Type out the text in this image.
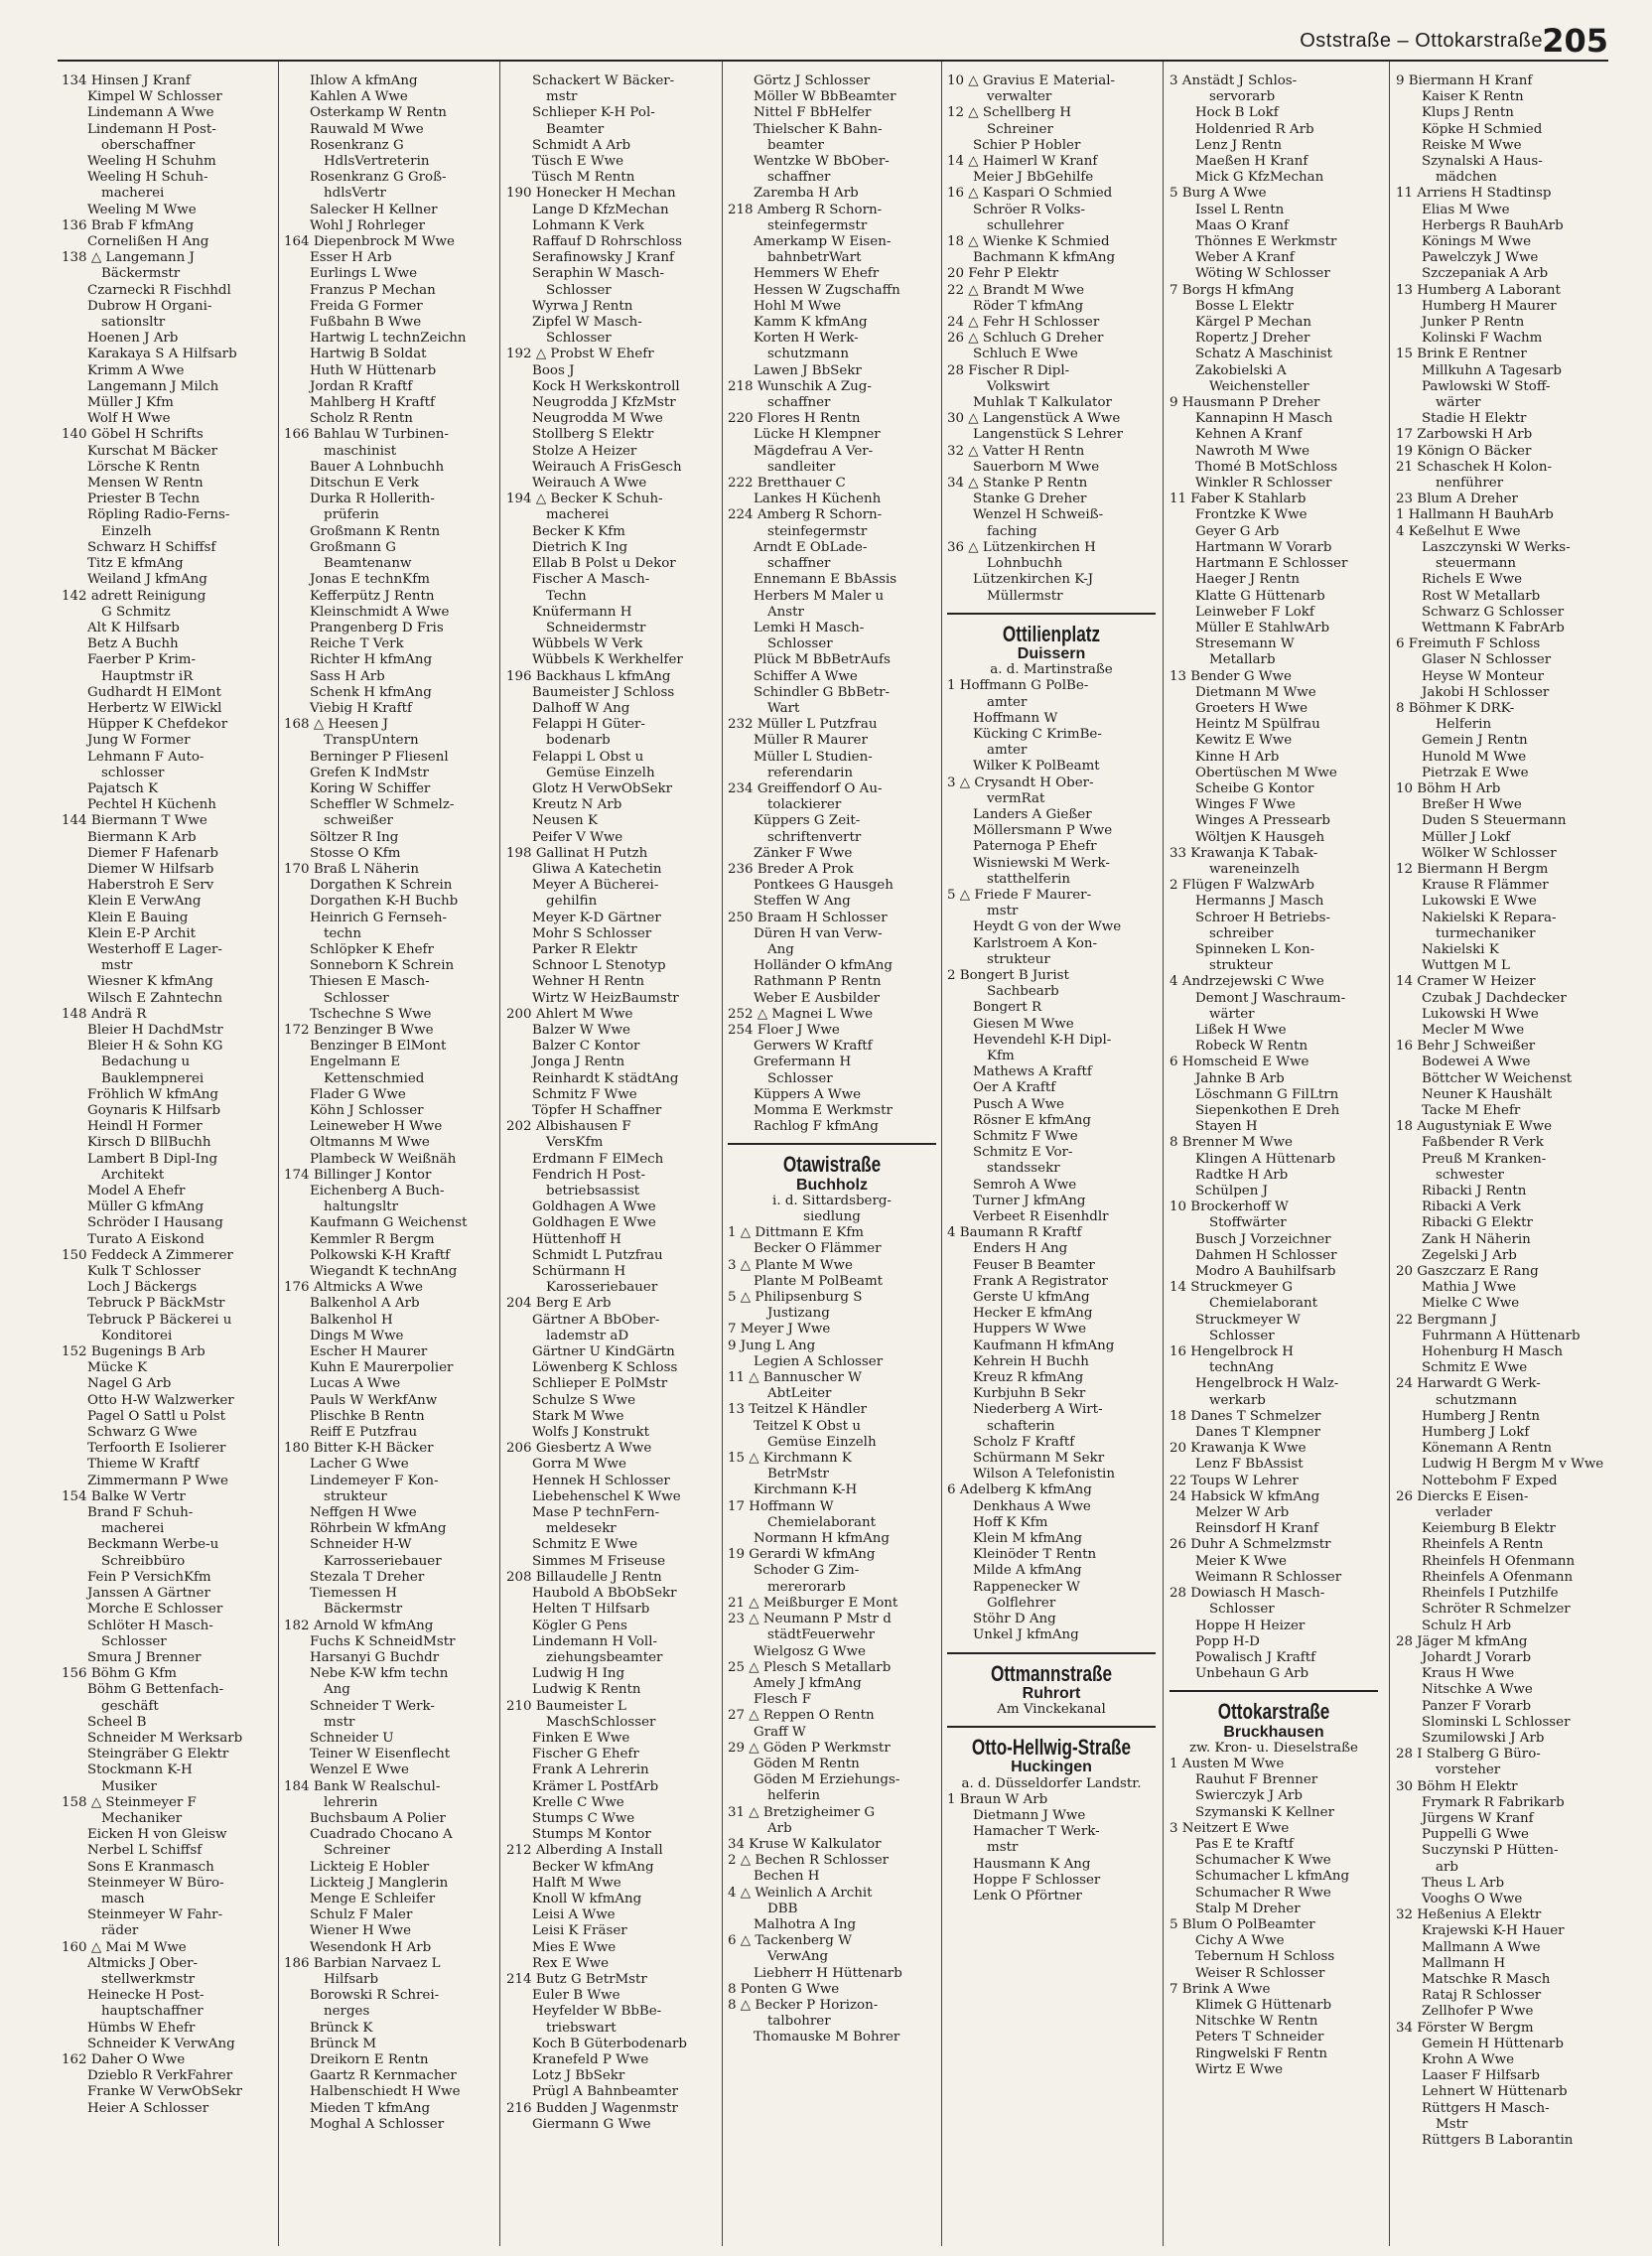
Oststraße – Ottokarstraße 205
134 Hinsen J Kranf
Kimpel W Schlosser
Lindemann A Wwe
Lindemann H Post-
oberschaffner
Weeling H Schuhm
Weeling H Schuh-
macherei
Weeling M Wwe
136 Brab F kfmAng
Cornelißen H Ang
138 △ Langemann J
Bäckermstr
Czarnecki R Fischhdl
Dubrow H Organi-
sationsltr
Hoenen J Arb
Karakaya S A Hilfsarb
Krimm A Wwe
Langemann J Milch
Müller J Kfm
Wolf H Wwe
140 Göbel H Schrifts
Kurschat M Bäcker
Lörsche K Rentn
Mensen W Rentn
Priester B Techn
Röpling Radio-Ferns-
Einzelh
Schwarz H Schiffsf
Titz E kfmAng
Weiland J kfmAng
142 adrett Reinigung
G Schmitz
Alt K Hilfsarb
Betz A Buchh
Faerber P Krim-
Hauptmstr iR
Gudhardt H ElMont
Herbertz W ElWickl
Hüpper K Chefdekor
Jung W Former
Lehmann F Auto-
schlosser
Pajatsch K
Pechtel H Küchenh
144 Biermann T Wwe
Biermann K Arb
Diemer F Hafenarb
Diemer W Hilfsarb
Haberstroh E Serv
Klein E VerwAng
Klein E Bauing
Klein E-P Archit
Westerhoff E Lager-
mstr
Wiesner K kfmAng
Wilsch E Zahntechn
148 Andrä R
Bleier H DachdMstr
Bleier H & Sohn KG
Bedachung u
Bauklempnerei
Fröhlich W kfmAng
Goynaris K Hilfsarb
Heindl H Former
Kirsch D BllBuchh
Lambert B Dipl-Ing
Architekt
Model A Ehefr
Müller G kfmAng
Schröder I Hausang
Turato A Eiskond
150 Feddeck A Zimmerer
Kulk T Schlosser
Loch J Bäckergs
Tebruck P BäckMstr
Tebruck P Bäckerei u
Konditorei
152 Bugenings B Arb
Mücke K
Nagel G Arb
Otto H-W Walzwerker
Pagel O Sattl u Polst
Schwarz G Wwe
Terfoorth E Isolierer
Thieme W Kraftf
Zimmermann P Wwe
154 Balke W Vertr
Brand F Schuh-
macherei
Beckmann Werbe-u
Schreibbüro
Fein P VersichKfm
Janssen A Gärtner
Morche E Schlosser
Schlöter H Masch-
Schlosser
Smura J Brenner
156 Böhm G Kfm
Böhm G Bettenfach-
geschäft
Scheel B
Schneider M Werksarb
Steingräber G Elektr
Stockmann K-H
Musiker
158 △ Steinmeyer F
Mechaniker
Eicken H von Gleisw
Nerbel L Schiffsf
Sons E Kranmasch
Steinmeyer W Büro-
masch
Steinmeyer W Fahr-
räder
160 △ Mai M Wwe
Altmicks J Ober-
stellwerkmstr
Heinecke H Post-
hauptschaffner
Hümbs W Ehefr
Schneider K VerwAng
162 Daher O Wwe
Dzieblo R VerkFahrer
Franke W VerwObSekr
Heier A Schlosser
Ihlow A kfmAng
Kahlen A Wwe
Osterkamp W Rentn
Rauwald M Wwe
Rosenkranz G
HdlsVertreterin
Rosenkranz G Groß-
hdlsVertr
Salecker H Kellner
Wohl J Rohrleger
164 Diepenbrock M Wwe
Esser H Arb
Eurlings L Wwe
Franzus P Mechan
Freida G Former
Fußbahn B Wwe
Hartwig L technZeichn
Hartwig B Soldat
Huth W Hüttenarb
Jordan R Kraftf
Mahlberg H Kraftf
Scholz R Rentn
166 Bahlau W Turbinen-
maschinist
Bauer A Lohnbuchh
Ditschun E Verk
Durka R Hollerith-
prüferin
Großmann K Rentn
Großmann G
Beamtenanw
Jonas E technKfm
Kefferpütz J Rentn
Kleinschmidt A Wwe
Prangenberg D Fris
Reiche T Verk
Richter H kfmAng
Sass H Arb
Schenk H kfmAng
Viebig H Kraftf
168 △ Heesen J
TranspUntern
Berninger P Fliesenl
Grefen K IndMstr
Koring W Schiffer
Scheffler W Schmelz-
schweißer
Söltzer R Ing
Stosse O Kfm
170 Braß L Näherin
Dorgathen K Schrein
Dorgathen K-H Buchb
Heinrich G Fernseh-
techn
Schlöpker K Ehefr
Sonneborn K Schrein
Thiesen E Masch-
Schlosser
Tschechne S Wwe
172 Benzinger B Wwe
Benzinger B ElMont
Engelmann E
Kettenschmied
Flader G Wwe
Köhn J Schlosser
Leineweber H Wwe
Oltmanns M Wwe
Plambeck W Weißnäh
174 Billinger J Kontor
Eichenberg A Buch-
haltungsltr
Kaufmann G Weichenst
Kemmler R Bergm
Polkowski K-H Kraftf
Wiegandt K technAng
176 Altmicks A Wwe
Balkenhol A Arb
Balkenhol H
Dings M Wwe
Escher H Maurer
Kuhn E Maurerpolier
Lucas A Wwe
Pauls W WerkfAnw
Plischke B Rentn
Reiff E Putzfrau
180 Bitter K-H Bäcker
Lacher G Wwe
Lindemeyer F Kon-
strukteur
Neffgen H Wwe
Röhrbein W kfmAng
Schneider H-W
Karrosseriebauer
Stezala T Dreher
Tiemessen H
Bäckermstr
182 Arnold W kfmAng
Fuchs K SchneidMstr
Harsanyi G Buchdr
Nebe K-W kfm techn
Ang
Schneider T Werk-
mstr
Schneider U
Teiner W Eisenflecht
Wenzel E Wwe
184 Bank W Realschul-
lehrerin
Buchsbaum A Polier
Cuadrado Chocano A
Schreiner
Lickteig E Hobler
Lickteig J Manglerin
Menge E Schleifer
Schulz F Maler
Wiener H Wwe
Wesendonk H Arb
186 Barbian Narvaez L
Hilfsarb
Borowski R Schrei-
nerges
Brünck K
Brünck M
Dreikorn E Rentn
Gaartz R Kernmacher
Halbenschiedt H Wwe
Mieden T kfmAng
Moghal A Schlosser
Schackert W Bäcker-
mstr
Schlieper K-H Pol-
Beamter
Schmidt A Arb
Tüsch E Wwe
Tüsch M Rentn
190 Honecker H Mechan
Lange D KfzMechan
Lohmann K Verk
Raffauf D Rohrschloss
Serafinowsky J Kranf
Seraphin W Masch-
Schlosser
Wyrwa J Rentn
Zipfel W Masch-
Schlosser
192 △ Probst W Ehefr
Boos J
Kock H Werkskontroll
Neugrodda J KfzMstr
Neugrodda M Wwe
Stollberg S Elektr
Stolze A Heizer
Weirauch A FrisGesch
Weirauch A Wwe
194 △ Becker K Schuh-
macherei
Becker K Kfm
Dietrich K Ing
Ellab B Polst u Dekor
Fischer A Masch-
Techn
Knüfermann H
Schneidermstr
Wübbels W Verk
Wübbels K Werkhelfer
196 Backhaus L kfmAng
Baumeister J Schloss
Dalhoff W Ang
Felappi H Güter-
bodenarb
Felappi L Obst u
Gemüse Einzelh
Glotz H VerwObSekr
Kreutz N Arb
Neusen K
Peifer V Wwe
198 Gallinat H Putzh
Gliwa A Katechetin
Meyer A Bücherei-
gehilfin
Meyer K-D Gärtner
Mohr S Schlosser
Parker R Elektr
Schnoor L Stenotyp
Wehner H Rentn
Wirtz W HeizBaumstr
200 Ahlert M Wwe
Balzer W Wwe
Balzer C Kontor
Jonga J Rentn
Reinhardt K städtAng
Schmitz F Wwe
Töpfer H Schaffner
202 Albishausen F
VersKfm
Erdmann F ElMech
Fendrich H Post-
betriebsassist
Goldhagen A Wwe
Goldhagen E Wwe
Hüttenhoff H
Schmidt L Putzfrau
Schürmann H
Karosseriebauer
204 Berg E Arb
Gärtner A BbOber-
lademstr aD
Gärtner U KindGärtn
Löwenberg K Schloss
Schlieper E PolMstr
Schulze S Wwe
Stark M Wwe
Wolfs J Konstrukt
206 Giesbertz A Wwe
Gorra M Wwe
Hennek H Schlosser
Liebehenschel K Wwe
Mase P technFern-
meldesekr
Schmitz E Wwe
Simmes M Friseuse
208 Billaudelle J Rentn
Haubold A BbObSekr
Helten T Hilfsarb
Kögler G Pens
Lindemann H Voll-
ziehungsbeamter
Ludwig H Ing
Ludwig K Rentn
210 Baumeister L
MaschSchlosser
Finken E Wwe
Fischer G Ehefr
Frank A Lehrerin
Krämer L PostfArb
Krelle C Wwe
Stumps C Wwe
Stumps M Kontor
212 Alberding A Install
Becker W kfmAng
Halft M Wwe
Knoll W kfmAng
Leisi A Wwe
Leisi K Fräser
Mies E Wwe
Rex E Wwe
214 Butz G BetrMstr
Euler B Wwe
Heyfelder W BbBe-
triebswart
Koch B Güterbodenarb
Kranefeld P Wwe
Lotz J BbSekr
Prügl A Bahnbeamter
216 Budden J Wagenmstr
Giermann G Wwe
Görtz J Schlosser
Möller W BbBeamter
Nittel F BbHelfer
Thielscher K Bahn-
beamter
Wentzke W BbOber-
schaffner
Zaremba H Arb
218 Amberg R Schorn-
steinfegermstr
Amerkamp W Eisen-
bahnbetrWart
Hemmers W Ehefr
Hessen W Zugschaffn
Hohl M Wwe
Kamm K kfmAng
Korten H Werk-
schutzmann
Lawen J BbSekr
218 Wunschik A Zug-
schaffner
220 Flores H Rentn
Lücke H Klempner
Mägdefrau A Ver-
sandleiter
222 Bretthauer C
Lankes H Küchenh
224 Amberg R Schorn-
steinfegermstr
Arndt E ObLade-
schaffner
Ennemann E BbAssis
Herbers M Maler u
Anstr
Lemki H Masch-
Schlosser
Plück M BbBetrAufs
Schiffer A Wwe
Schindler G BbBetr-
Wart
232 Müller L Putzfrau
Müller R Maurer
Müller L Studien-
referendarin
234 Greiffendorf O Au-
tolackierer
Küppers G Zeit-
schriftenvertr
Zänker F Wwe
236 Breder A Prok
Pontkees G Hausgeh
Steffen W Ang
250 Braam H Schlosser
Düren H van Verw-
Ang
Holländer O kfmAng
Rathmann P Rentn
Weber E Ausbilder
252 △ Magnei L Wwe
254 Floer J Wwe
Gerwers W Kraftf
Grefermann H
Schlosser
Küppers A Wwe
Momma E Werkmstr
Rachlog F kfmAng
Otawistraße
Buchholz
i. d. Sittardsberg-
siedlung
1 △ Dittmann E Kfm
Becker O Flämmer
3 △ Plante M Wwe
Plante M PolBeamt
5 △ Philipsenburg S
Justizang
7 Meyer J Wwe
9 Jung L Ang
Legien A Schlosser
11 △ Bannuscher W
AbtLeiter
13 Teitzel K Händler
Teitzel K Obst u
Gemüse Einzelh
15 △ Kirchmann K
BetrMstr
Kirchmann K-H
17 Hoffmann W
Chemielaborant
Normann H kfmAng
19 Gerardi W kfmAng
Schoder G Zim-
mererorarb
21 △ Meißburger E Mont
23 △ Neumann P Mstr d
städtFeuerwehr
Wielgosz G Wwe
25 △ Plesch S Metallarb
Amely J kfmAng
Flesch F
27 △ Reppen O Rentn
Graff W
29 △ Göden P Werkmstr
Göden M Rentn
Göden M Erziehungs-
helferin
31 △ Bretzigheimer G
Arb
34 Kruse W Kalkulator
2 △ Bechen R Schlosser
Bechen H
4 △ Weinlich A Archit
DBB
Malhotra A Ing
6 △ Tackenberg W
VerwAng
Liebherr H Hüttenarb
8 Ponten G Wwe
8 △ Becker P Horizon-
talbohrer
Thomauske M Bohrer
10 △ Gravius E Material-
verwalter
12 △ Schellberg H
Schreiner
Schier P Hobler
14 △ Haimerl W Kranf
Meier J BbGehilfe
16 △ Kaspari O Schmied
Schröer R Volks-
schullehrer
18 △ Wienke K Schmied
Bachmann K kfmAng
20 Fehr P Elektr
22 △ Brandt M Wwe
Röder T kfmAng
24 △ Fehr H Schlosser
26 △ Schluch G Dreher
Schluch E Wwe
28 Fischer R Dipl-
Volkswirt
Muhlak T Kalkulator
30 △ Langenstück A Wwe
Langenstück S Lehrer
32 △ Vatter H Rentn
Sauerborn M Wwe
34 △ Stanke P Rentn
Stanke G Dreher
Wenzel H Schweiß-
faching
36 △ Lützenkirchen H
Lohnbuchh
Lützenkirchen K-J
Müllermstr
Ottilienplatz
Duissern
a. d. Martinstraße
1 Hoffmann G PolBe-
amter
Hoffmann W
Kücking C KrimBe-
amter
Wilker K PolBeamt
3 △ Crysandt H Ober-
vermRat
Landers A Gießer
Möllersmann P Wwe
Paternoga P Ehefr
Wisniewski M Werk-
statthelferin
5 △ Friede F Maurer-
mstr
Heydt G von der Wwe
Karlstroem A Kon-
strukteur
2 Bongert B Jurist
Sachbearb
Bongert R
Giesen M Wwe
Hevendehl K-H Dipl-
Kfm
Mathews A Kraftf
Oer A Kraftf
Pusch A Wwe
Rösner E kfmAng
Schmitz F Wwe
Schmitz E Vor-
standssekr
Semroh A Wwe
Turner J kfmAng
Verbeet R Eisenhdlr
4 Baumann R Kraftf
Enders H Ang
Feuser B Beamter
Frank A Registrator
Gerste U kfmAng
Hecker E kfmAng
Huppers W Wwe
Kaufmann H kfmAng
Kehrein H Buchh
Kreuz R kfmAng
Kurbjuhn B Sekr
Niederberg A Wirt-
schafterin
Scholz F Kraftf
Schürmann M Sekr
Wilson A Telefonistin
6 Adelberg K kfmAng
Denkhaus A Wwe
Hoff K Kfm
Klein M kfmAng
Kleinöder T Rentn
Milde A kfmAng
Rappenecker W
Golflehrer
Stöhr D Ang
Unkel J kfmAng
Ottmannstraße
Ruhrort
Am Vinckekanal
Otto-Hellwig-Straße
Huckingen
a. d. Düsseldorfer Landstr.
1 Braun W Arb
Dietmann J Wwe
Hamacher T Werk-
mstr
Hausmann K Ang
Hoppe F Schlosser
Lenk O Pförtner
3 Anstädt J Schlos-
servorarb
Hock B Lokf
Holdenried R Arb
Lenz J Rentn
Maeßen H Kranf
Mick G KfzMechan
5 Burg A Wwe
Issel L Rentn
Maas O Kranf
Thönnes E Werkmstr
Weber A Kranf
Wöting W Schlosser
7 Borgs H kfmAng
Bosse L Elektr
Kärgel P Mechan
Ropertz J Dreher
Schatz A Maschinist
Zakobielski A
Weichensteller
9 Hausmann P Dreher
Kannapinn H Masch
Kehnen A Kranf
Nawroth M Wwe
Thomé B MotSchloss
Winkler R Schlosser
11 Faber K Stahlarb
Frontzke K Wwe
Geyer G Arb
Hartmann W Vorarb
Hartmann E Schlosser
Haeger J Rentn
Klatte G Hüttenarb
Leinweber F Lokf
Müller E StahlwArb
Stresemann W
Metallarb
13 Bender G Wwe
Dietmann M Wwe
Groeters H Wwe
Heintz M Spülfrau
Kewitz E Wwe
Kinne H Arb
Obertüschen M Wwe
Scheibe G Kontor
Winges F Wwe
Winges A Pressearb
Wöltjen K Hausgeh
33 Krawanja K Tabak-
wareneinzelh
2 Flügen F WalzwArb
Hermanns J Masch
Schroer H Betriebs-
schreiber
Spinneken L Kon-
strukteur
4 Andrzejewski C Wwe
Demont J Waschraum-
wärter
Lißek H Wwe
Robeck W Rentn
6 Homscheid E Wwe
Jahnke B Arb
Löschmann G FilLtrn
Siepenkothen E Dreh
Stayen H
8 Brenner M Wwe
Klingen A Hüttenarb
Radtke H Arb
Schülpen J
10 Brockerhoff W
Stoffwärter
Busch J Vorzeichner
Dahmen H Schlosser
Modro A Bauhilfsarb
14 Struckmeyer G
Chemielaborant
Struckmeyer W
Schlosser
16 Hengelbrock H
technAng
Hengelbrock H Walz-
werkarb
18 Danes T Schmelzer
Danes T Klempner
20 Krawanja K Wwe
Lenz F BbAssist
22 Toups W Lehrer
24 Habsick W kfmAng
Melzer W Arb
Reinsdorf H Kranf
26 Duhr A Schmelzmstr
Meier K Wwe
Weimann R Schlosser
28 Dowiasch H Masch-
Schlosser
Hoppe H Heizer
Popp H-D
Powalisch J Kraftf
Unbehaun G Arb
Ottokarstraße
Bruckhausen
zw. Kron- u. Dieselstraße
1 Austen M Wwe
Rauhut F Brenner
Swierczyk J Arb
Szymanski K Kellner
3 Neitzert E Wwe
Pas E te Kraftf
Schumacher K Wwe
Schumacher L kfmAng
Schumacher R Wwe
Stalp M Dreher
5 Blum O PolBeamter
Cichy A Wwe
Tebernum H Schloss
Weiser R Schlosser
7 Brink A Wwe
Klimek G Hüttenarb
Nitschke W Rentn
Peters T Schneider
Ringwelski F Rentn
Wirtz E Wwe
9 Biermann H Kranf
Kaiser K Rentn
Klups J Rentn
Köpke H Schmied
Reiske M Wwe
Szynalski A Haus-
mädchen
11 Arriens H Stadtinsp
Elias M Wwe
Herbergs R BauhArb
Könings M Wwe
Pawelczyk J Wwe
Szczepaniak A Arb
13 Humberg A Laborant
Humberg H Maurer
Junker P Rentn
Kolinski F Wachm
15 Brink E Rentner
Millkuhn A Tagesarb
Pawlowski W Stoff-
wärter
Stadie H Elektr
17 Zarbowski H Arb
19 Könign O Bäcker
21 Schaschek H Kolon-
nenführer
23 Blum A Dreher
1 Hallmann H BauhArb
4 Keßelhut E Wwe
Laszczynski W Werks-
steuermann
Richels E Wwe
Rost W Metallarb
Schwarz G Schlosser
Wettmann K FabrArb
6 Freimuth F Schloss
Glaser N Schlosser
Heyse W Monteur
Jakobi H Schlosser
8 Böhmer K DRK-
Helferin
Gemein J Rentn
Hunold M Wwe
Pietrzak E Wwe
10 Böhm H Arb
Breßer H Wwe
Duden S Steuermann
Müller J Lokf
Wölker W Schlosser
12 Biermann H Bergm
Krause R Flämmer
Lukowski E Wwe
Nakielski K Repara-
turmechaniker
Nakielski K
Wuttgen M L
14 Cramer W Heizer
Czubak J Dachdecker
Lukowski H Wwe
Mecler M Wwe
16 Behr J Schweißer
Bodewei A Wwe
Böttcher W Weichenst
Neuner K Haushält
Tacke M Ehefr
18 Augustyniak E Wwe
Faßbender R Verk
Preuß M Kranken-
schwester
Ribacki J Rentn
Ribacki A Verk
Ribacki G Elektr
Zank H Näherin
Zegelski J Arb
20 Gaszczarz E Rang
Mathia J Wwe
Mielke C Wwe
22 Bergmann J
Fuhrmann A Hüttenarb
Hohenburg H Masch
Schmitz E Wwe
24 Harwardt G Werk-
schutzmann
Humberg J Rentn
Humberg J Lokf
Könemann A Rentn
Ludwig H Bergm M v Wwe
Nottebohm F Exped
26 Diercks E Eisen-
verlader
Keiemburg B Elektr
Rheinfels A Rentn
Rheinfels H Ofenmann
Rheinfels A Ofenmann
Rheinfels I Putzhilfe
Schröter R Schmelzer
Schulz H Arb
28 Jäger M kfmAng
Johardt J Vorarb
Kraus H Wwe
Nitschke A Wwe
Panzer F Vorarb
Slominski L Schlosser
Szumilowski J Arb
28 I Stalberg G Büro-
vorsteher
30 Böhm H Elektr
Frymark R Fabrikarb
Jürgens W Kranf
Puppelli G Wwe
Suczynski P Hütten-
arb
Theus L Arb
Vooghs O Wwe
32 Heßenius A Elektr
Krajewski K-H Hauer
Mallmann A Wwe
Mallmann H
Matschke R Masch
Rataj R Schlosser
Zellhofer P Wwe
34 Förster W Bergm
Gemein H Hüttenarb
Krohn A Wwe
Laaser F Hilfsarb
Lehnert W Hüttenarb
Rüttgers H Masch-
Mstr
Rüttgers B Laborantin
